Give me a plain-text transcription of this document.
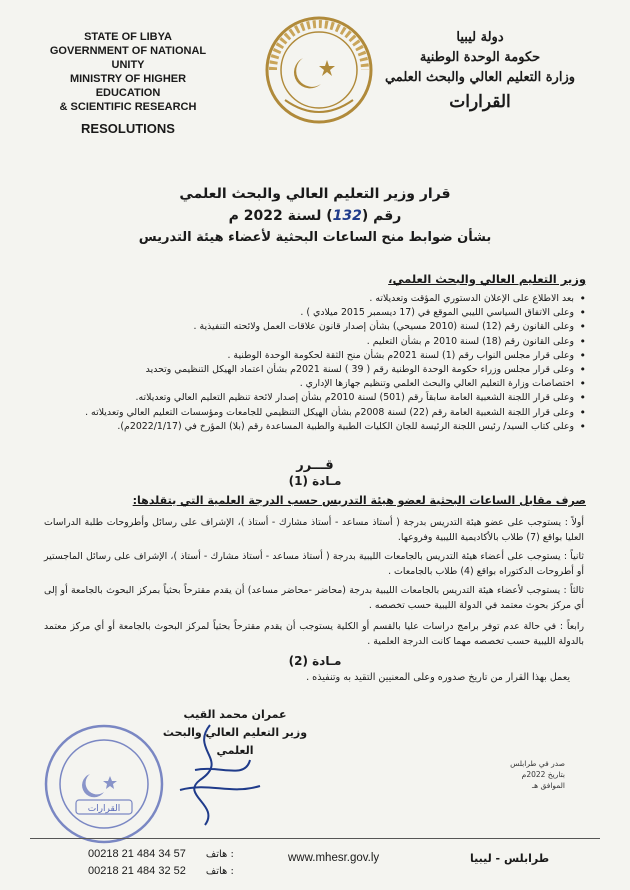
STATE OF LIBYA
GOVERNMENT OF NATIONAL UNITY
MINISTRY OF HIGHER EDUCATION
& SCIENTIFIC RESEARCH
RESOLUTIONS
دولة ليبيا
حكومة الوحدة الوطنية
وزارة التعليم العالي والبحث العلمي
القرارات
قرار وزير التعليم العالي والبحث العلمي
رقم (132) لسنة 2022 م
بشأن ضوابط منح الساعات البحثية لأعضاء هيئة التدريس
وزير التعليم العالي والبحث العلمي،
• بعد الاطلاع على الإعلان الدستوري المؤقت وتعديلاته .
• وعلى الاتفاق السياسي الليبي الموقع في (17 ديسمبر 2015 ميلادي ) .
• وعلى القانون رقم (12) لسنة (2010 مسيحي) بشأن إصدار قانون علاقات العمل ولائحته التنفيذية .
• وعلى القانون رقم (18) لسنة 2010 م بشأن التعليم .
• وعلى قرار مجلس النواب رقم (1) لسنة 2021م بشأن منح الثقة لحكومة الوحدة الوطنية .
• وعلى قرار مجلس وزراء حكومة الوحدة الوطنية رقم ( 39 ) لسنة 2021م بشأن اعتماد الهيكل التنظيمي وتحديد
• اختصاصات وزارة التعليم العالي والبحث العلمي وتنظيم جهازها الإداري .
• وعلى قرار اللجنة الشعبية العامة سابقاً رقم (501) لسنة 2010م بشأن إصدار لائحة تنظيم التعليم العالي وتعديلاته.
• وعلى قرار اللجنة الشعبية العامة رقم (22) لسنة 2008م بشأن الهيكل التنظيمي للجامعات ومؤسسات التعليم العالي وتعديلاته .
• وعلى كتاب السيد/ رئيس اللجنة الرئيسة للجان الكليات الطبية والطبية المساعدة رقم (بلا) المؤرخ في (2022/1/17م).
قـــرر
مـادة (1)
صرف مقابل الساعات البحثية لعضو هيئة التدريس حسب الدرجة العلمية التي يتقلدها:
أولاً : يستوجب على عضو هيئة التدريس بدرجة ( أستاذ مساعد - أستاذ مشارك - أستاذ )، الإشراف على رسائل وأطروحات طلبة الدراسات العليا بواقع (7) طلاب بالأكاديمية الليبية وفروعها.
ثانياً : يستوجب على أعضاء هيئة التدريس بالجامعات الليبية بدرجة ( أستاذ مساعد - أستاذ مشارك - أستاذ )، الإشراف على رسائل الماجستير أو أطروحات الدكتوراه بواقع (4) طلاب بالجامعات .
ثالثاً : يستوجب لأعضاء هيئة التدريس بالجامعات الليبية بدرجة (محاضر -محاضر مساعد) أن يقدم مقترحاً بحثياً بمركز البحوث بالجامعة أو إلى أي مركز بحوث معتمد في الدولة الليبية حسب تخصصه .
رابعاً : في حالة عدم توفر برامج دراسات عليا بالقسم أو الكلية يستوجب أن يقدم مقترحاً بحثياً لمركز البحوث بالجامعة أو أي مركز معتمد بالدولة الليبية حسب تخصصه مهما كانت الدرجة العلمية .
مـادة (2)
يعمل بهذا القرار من تاريخ صدوره وعلى المعنيين التقيد به وتنفيذه .
عمران محمد القيب
وزير التعليم العالي والبحث العلمي
القرارات
صدر في طرابلس
بتاريخ 2022م
الموافق هـ
00218 21 484 34 57 هاتف :
00218 21 484 32 52 هاتف :
www.mhesr.gov.ly	طرابلس - ليبيا
